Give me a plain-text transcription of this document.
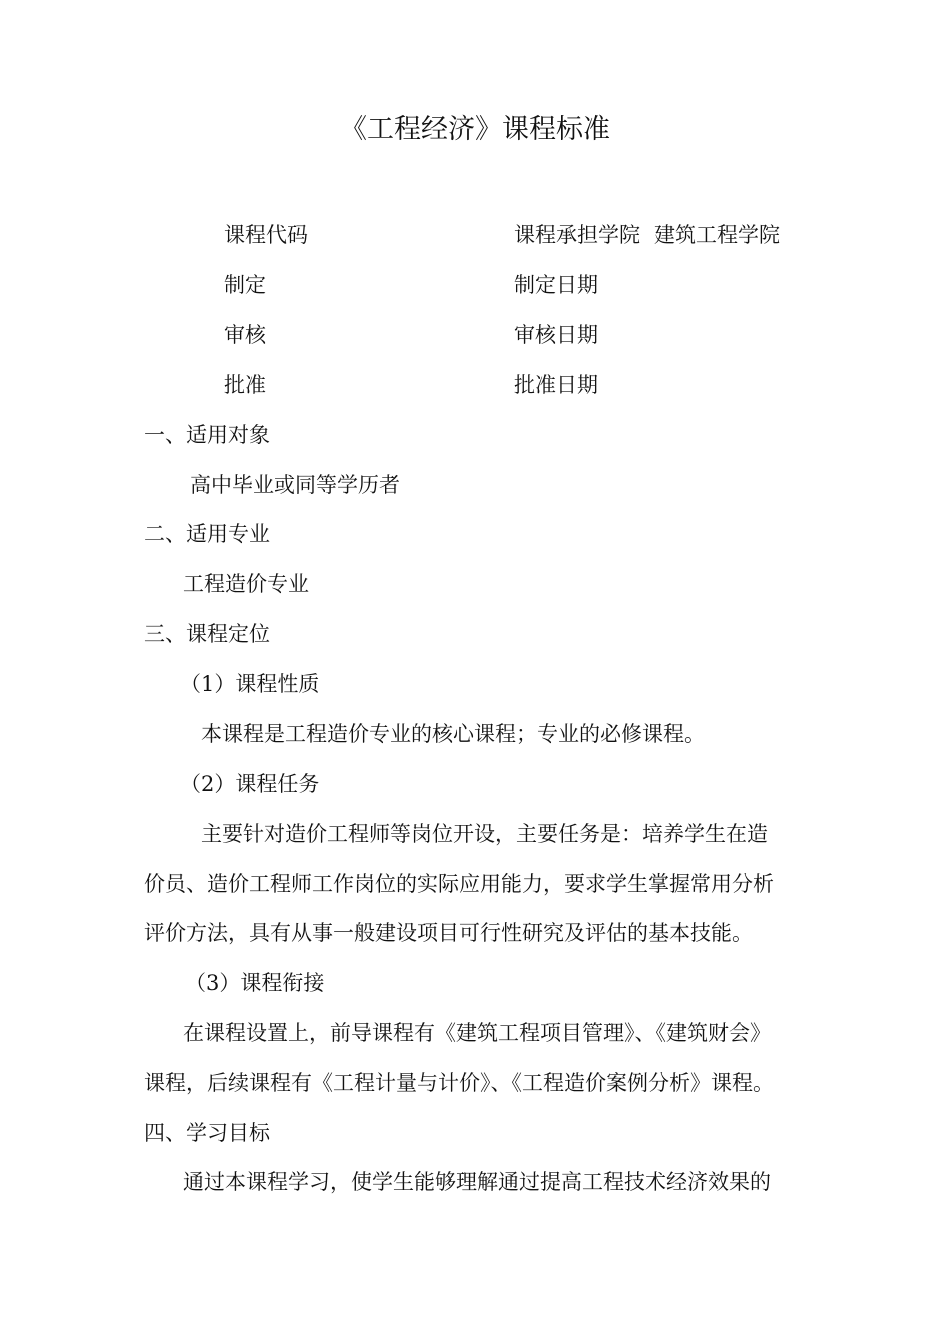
《工程经济》课程标准
课程代码	课程承担学院 建筑工程学院
制定	制定日期
审核	审核日期
批准	批准日期
一、适用对象
高中毕业或同等学历者
二、适用专业
工程造价专业
三、课程定位
（1）课程性质
本课程是工程造价专业的核心课程；专业的必修课程。
（2）课程任务
主要针对造价工程师等岗位开设，主要任务是：培养学生在造
价员、造价工程师工作岗位的实际应用能力，要求学生掌握常用分析
评价方法，具有从事一般建设项目可行性研究及评估的基本技能。
（3）课程衔接
在课程设置上，前导课程有《建筑工程项目管理》、《建筑财会》
课程，后续课程有《工程计量与计价》、《工程造价案例分析》课程。
四、学习目标
通过本课程学习，使学生能够理解通过提高工程技术经济效果的
